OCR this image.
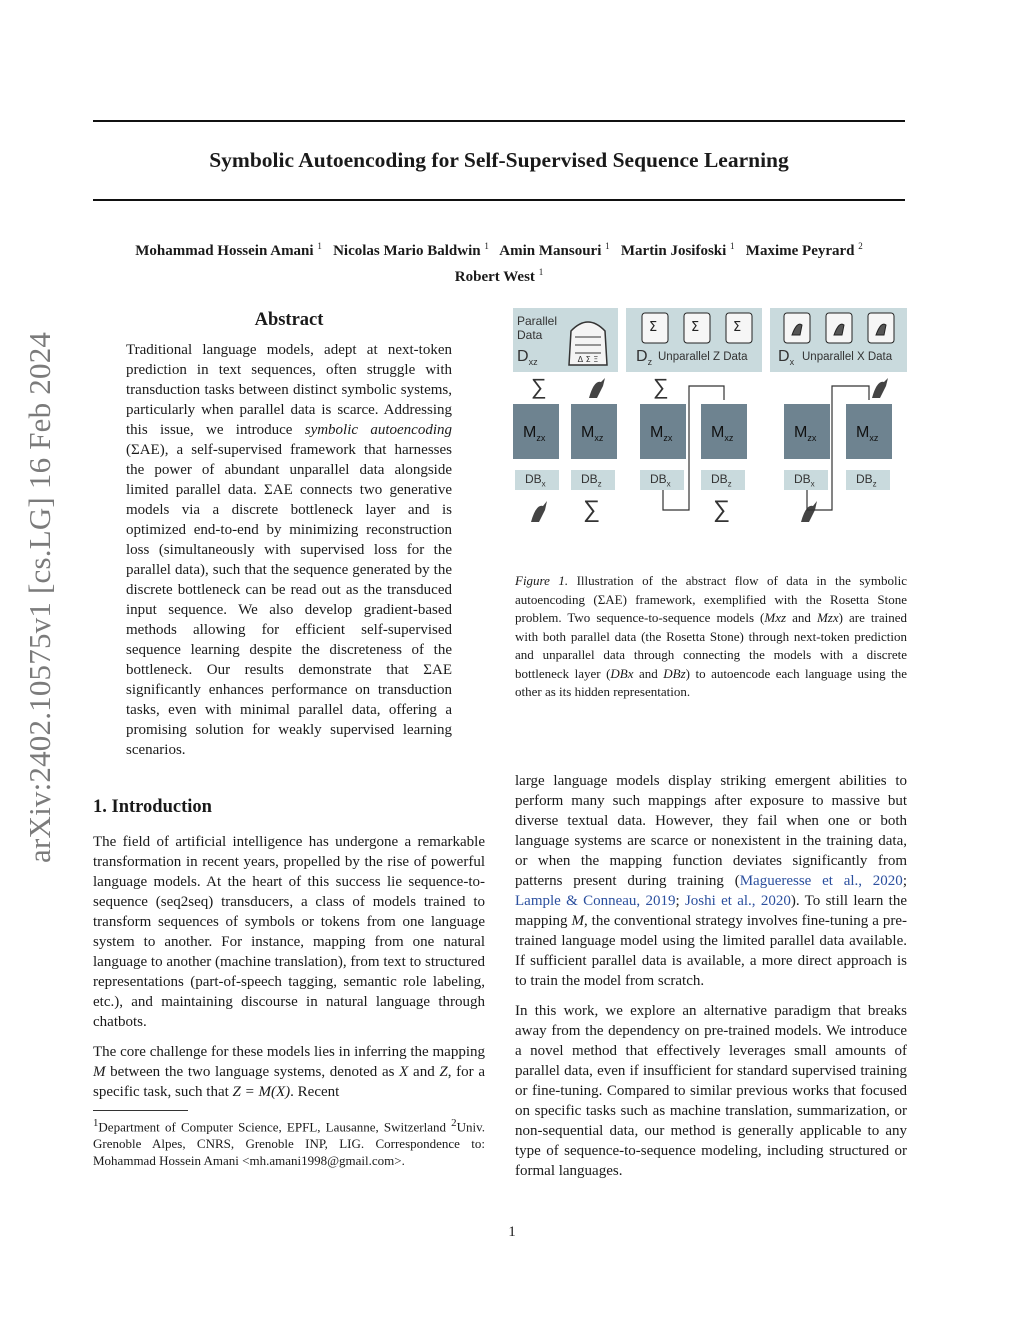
arXiv:2402.10575v1 [cs.LG] 16 Feb 2024
Symbolic Autoencoding for Self-Supervised Sequence Learning
Mohammad Hossein Amani $^1$ Nicolas Mario Baldwin $^1$ Amin Mansouri $^1$ Martin Josifoski $^1$ Maxime Peyrard $^2$
Robert West $^1$
Abstract
Traditional language models, adept at next-token prediction in text sequences, often struggle with transduction tasks between distinct symbolic systems, particularly when parallel data is scarce. Addressing this issue, we introduce symbolic autoencoding (ΣAE), a self-supervised framework that harnesses the power of abundant unparallel data alongside limited parallel data. ΣAE connects two generative models via a discrete bottleneck layer and is optimized end-to-end by minimizing reconstruction loss (simultaneously with supervised loss for the parallel data), such that the sequence generated by the discrete bottleneck can be read out as the transduced input sequence. We also develop gradient-based methods allowing for efficient self-supervised sequence learning despite the discreteness of the bottleneck. Our results demonstrate that ΣAE significantly enhances performance on transduction tasks, even with minimal parallel data, offering a promising solution for weakly supervised learning scenarios.
1. Introduction
The field of artificial intelligence has undergone a remarkable transformation in recent years, propelled by the rise of powerful language models. At the heart of this success lie sequence-to-sequence (seq2seq) transducers, a class of models trained to transform sequences of symbols or tokens from one language system to another. For instance, mapping from one natural language to another (machine translation), from text to structured representations (part-of-speech tagging, semantic role labeling, etc.), and maintaining discourse in natural language through chatbots.
The core challenge for these models lies in inferring the mapping M between the two language systems, denoted as X and Z, for a specific task, such that Z = M(X). Recent
$^1$Department of Computer Science, EPFL, Lausanne, Switzerland $^2$Univ. Grenoble Alpes, CNRS, Grenoble INP, LIG. Correspondence to: Mohammad Hossein Amani <mh.amani1998@gmail.com>.
large language models display striking emergent abilities to perform many such mappings after exposure to massive but diverse textual data. However, they fail when one or both language systems are scarce or nonexistent in the training data, or when the mapping function deviates significantly from patterns present during training (Magueresse et al., 2020; Lample & Conneau, 2019; Joshi et al., 2020). To still learn the mapping M, the conventional strategy involves fine-tuning a pre-trained language model using the limited parallel data available. If sufficient parallel data is available, a more direct approach is to train the model from scratch.
In this work, we explore an alternative paradigm that breaks away from the dependency on pre-trained models. We introduce a novel method that effectively leverages small amounts of parallel data, even if insufficient for standard supervised training or fine-tuning. Compared to similar previous works that focused on specific tasks such as machine translation, summarization, or non-sequential data, our method is generally applicable to any type of sequence-to-sequence modeling, including structured or formal languages.
Parallel Data
$D_{xz}$	Δ Σ Ξ $D_z$ Unparallel Z Data
Σ	Σ	Σ
$D_x$ Unparallel X Data
∑	∑
$M_{zx}$ $M_{xz}$	$M_{zx}$ $M_{xz}$	$M_{zx}$ $M_{xz}$
$DB_x$	$DB_z$	$DB_x$	$DB_z$	$DB_x$	$DB_z$
∑	∑
Figure 1. Illustration of the abstract flow of data in the symbolic autoencoding (ΣAE) framework, exemplified with the Rosetta Stone problem. Two sequence-to-sequence models (Mxz and Mzx) are trained with both parallel data (the Rosetta Stone) through next-token prediction and unparallel data through connecting the models with a discrete bottleneck layer (DBx and DBz) to autoencode each language using the other as its hidden representation.
1
